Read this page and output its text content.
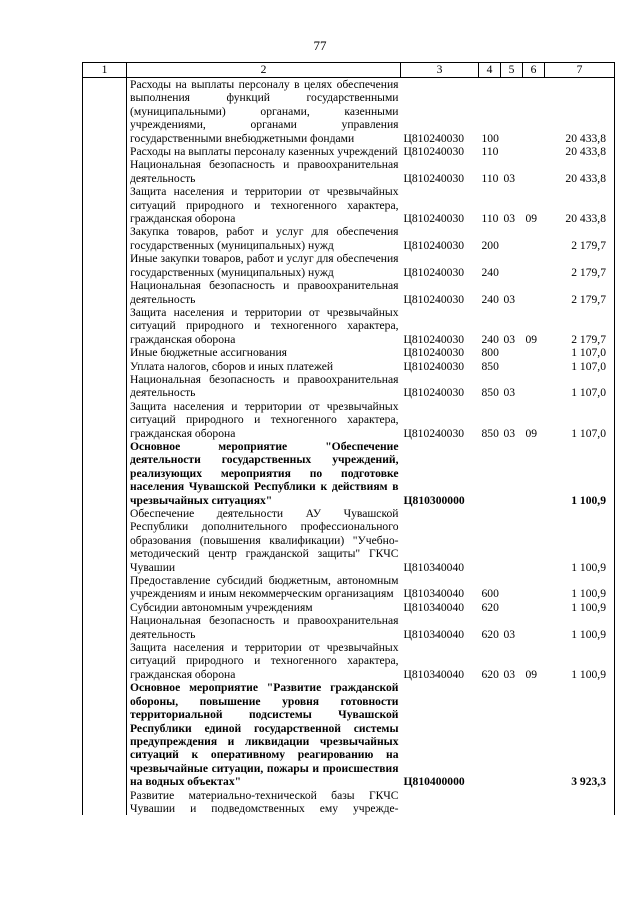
77
1	2	3	4	5	6	7
	Расходы на выплаты персоналу в целях обеспечения выполнения функций государственными (муниципальными) органами, казенными учреждениями, органами управления государственными внебюджетными фондами	Ц810240030	100			20 433,8
	Расходы на выплаты персоналу казенных учреждений	Ц810240030	110			20 433,8
	Национальная безопасность и правоохранительная деятельность	Ц810240030	110	03		20 433,8
	Защита населения и территории от чрезвычайных ситуаций природного и техногенного характера, гражданская оборона	Ц810240030	110	03	09	20 433,8
	Закупка товаров, работ и услуг для обеспечения государственных (муниципальных) нужд	Ц810240030	200			2 179,7
	Иные закупки товаров, работ и услуг для обеспечения государственных (муниципальных) нужд	Ц810240030	240			2 179,7
	Национальная безопасность и правоохранительная деятельность	Ц810240030	240	03		2 179,7
	Защита населения и территории от чрезвычайных ситуаций природного и техногенного характера, гражданская оборона	Ц810240030	240	03	09	2 179,7
	Иные бюджетные ассигнования	Ц810240030	800			1 107,0
	Уплата налогов, сборов и иных платежей	Ц810240030	850			1 107,0
	Национальная безопасность и правоохранительная деятельность	Ц810240030	850	03		1 107,0
	Защита населения и территории от чрезвычайных ситуаций природного и техногенного характера, гражданская оборона	Ц810240030	850	03	09	1 107,0
	Основное мероприятие "Обеспечение деятельности государственных учреждений, реализующих мероприятия по подготовке населения Чувашской Республики к действиям в чрезвычайных ситуациях"	Ц810300000				1 100,9
	Обеспечение деятельности АУ Чувашской Республики дополнительного профессионального образования (повышения квалификации) "Учебно-методический центр гражданской защиты" ГКЧС Чувашии	Ц810340040				1 100,9
	Предоставление субсидий бюджетным, автономным учреждениям и иным некоммерческим организациям	Ц810340040	600			1 100,9
	Субсидии автономным учреждениям	Ц810340040	620			1 100,9
	Национальная безопасность и правоохранительная деятельность	Ц810340040	620	03		1 100,9
	Защита населения и территории от чрезвычайных ситуаций природного и техногенного характера, гражданская оборона	Ц810340040	620	03	09	1 100,9
	Основное мероприятие "Развитие гражданской обороны, повышение уровня готовности территориальной подсистемы Чувашской Республики единой государственной системы предупреждения и ликвидации чрезвычайных ситуаций к оперативному реагированию на чрезвычайные ситуации, пожары и происшествия на водных объектах"	Ц810400000				3 923,3
	Развитие материально-технической базы ГКЧС Чувашии и подведомственных ему учрежде-					
